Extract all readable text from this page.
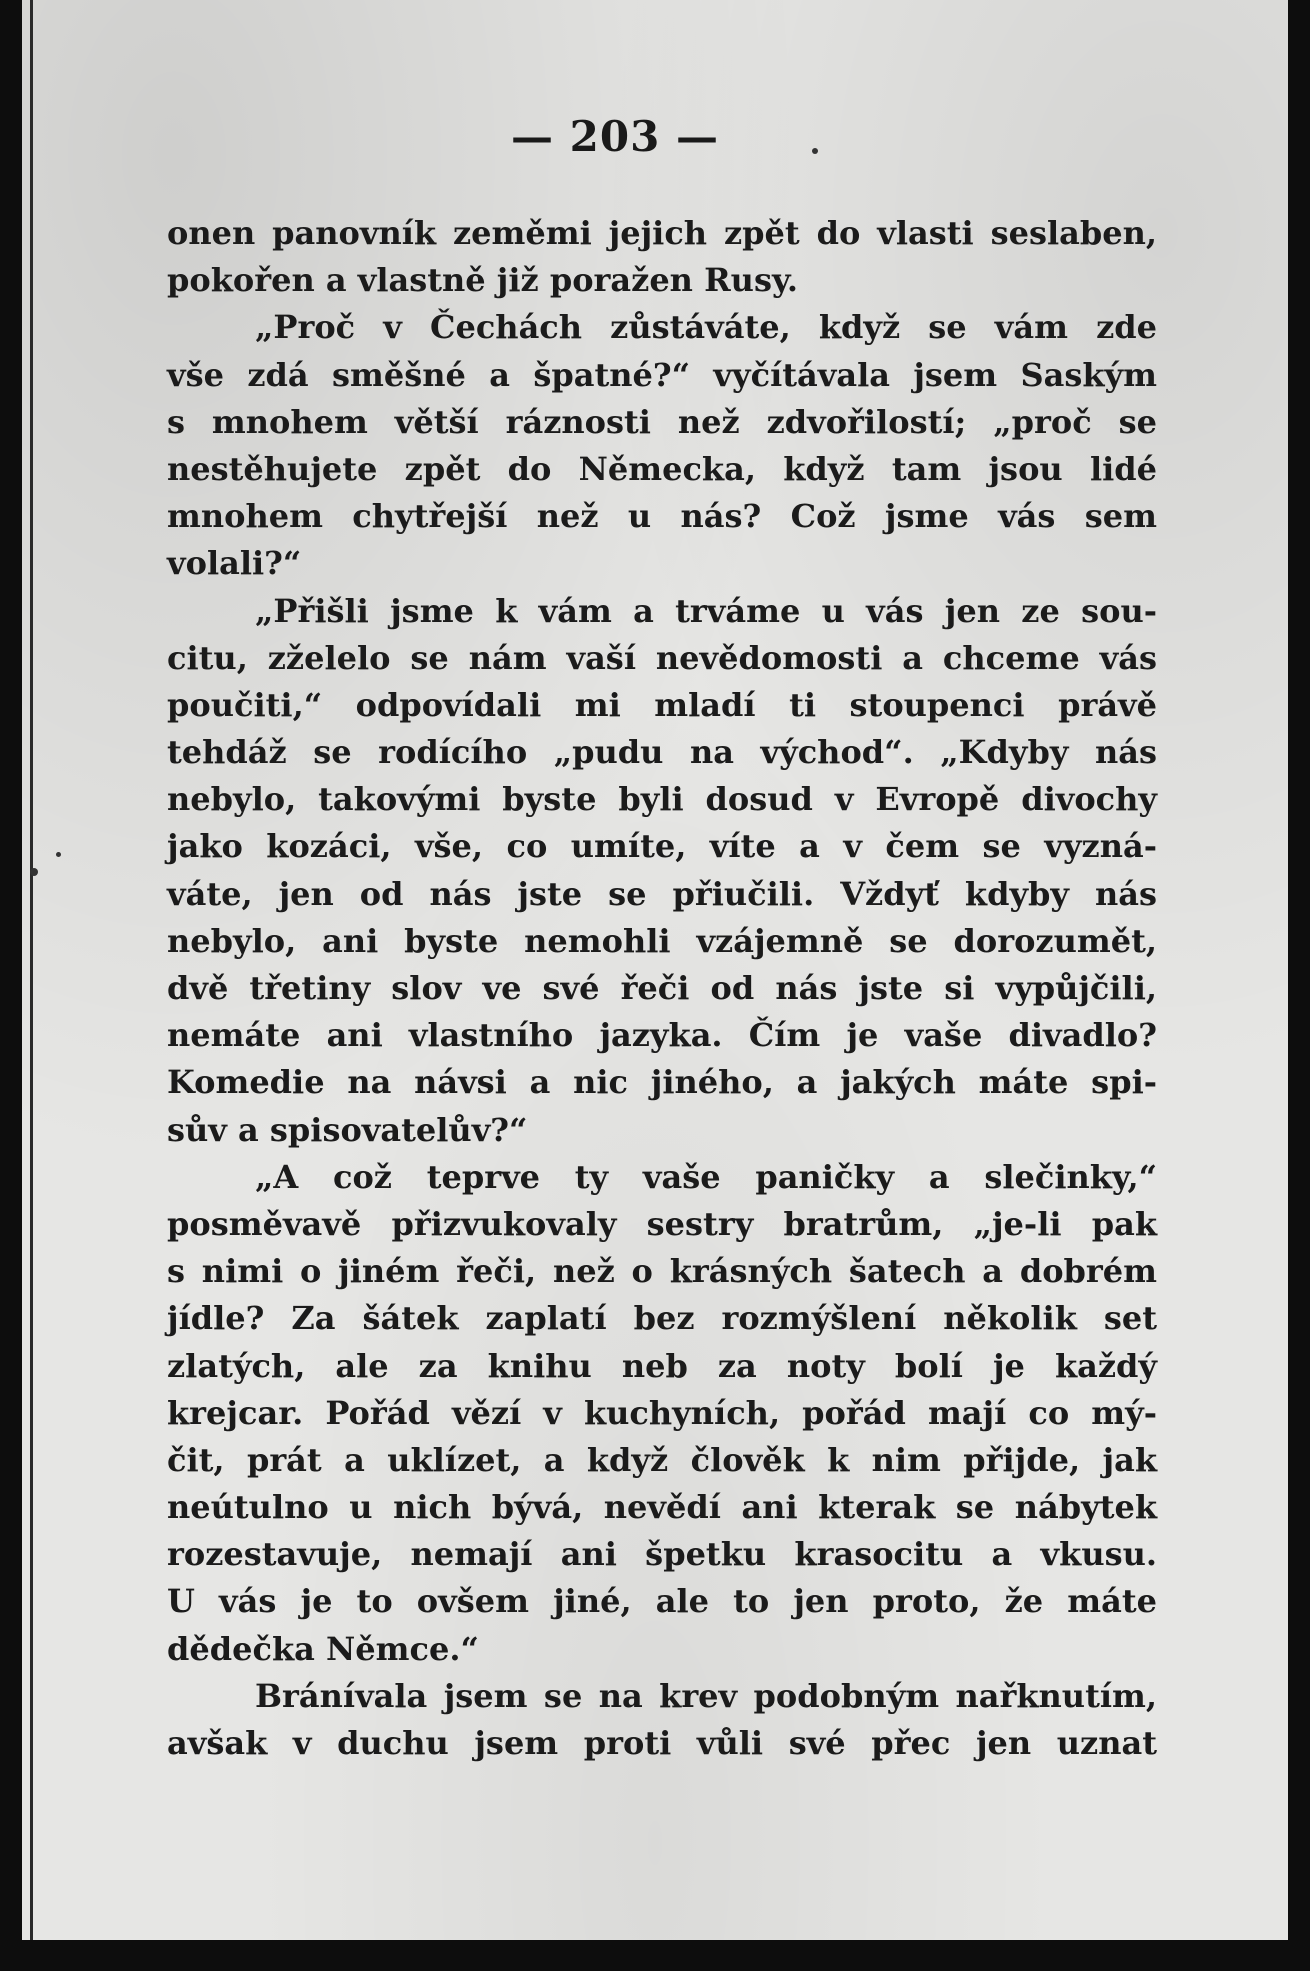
— 203 —
onen panovník zeměmi jejich zpět do vlasti seslaben,
pokořen a vlastně již poražen Rusy.
„Proč v Čechách zůstáváte, když se vám zde
vše zdá směšné a špatné?“ vyčítávala jsem Saským
s mnohem větší ráznosti než zdvořilostí; „proč se
nestěhujete zpět do Německa, když tam jsou lidé
mnohem chytřejší než u nás? Což jsme vás sem
volali?“
„Přišli jsme k vám a trváme u vás jen ze sou-
citu, zželelo se nám vaší nevědomosti a chceme vás
poučiti,“ odpovídali mi mladí ti stoupenci právě
tehdáž se rodícího „pudu na východ“. „Kdyby nás
nebylo, takovými byste byli dosud v Evropě divochy
jako kozáci, vše, co umíte, víte a v čem se vyzná-
váte, jen od nás jste se přiučili. Vždyť kdyby nás
nebylo, ani byste nemohli vzájemně se dorozumět,
dvě třetiny slov ve své řeči od nás jste si vypůjčili,
nemáte ani vlastního jazyka. Čím je vaše divadlo?
Komedie na návsi a nic jiného, a jakých máte spi-
sův a spisovatelův?“
„A což teprve ty vaše paničky a slečinky,“
posměvavě přizvukovaly sestry bratrům, „je-li pak
s nimi o jiném řeči, než o krásných šatech a dobrém
jídle? Za šátek zaplatí bez rozmýšlení několik set
zlatých, ale za knihu neb za noty bolí je každý
krejcar. Pořád vězí v kuchyních, pořád mají co mý-
čit, prát a uklízet, a když člověk k nim přijde, jak
neútulno u nich bývá, nevědí ani kterak se nábytek
rozestavuje, nemají ani špetku krasocitu a vkusu.
U vás je to ovšem jiné, ale to jen proto, že máte
dědečka Němce.“
Bránívala jsem se na krev podobným nařknutím,
avšak v duchu jsem proti vůli své přec jen uznat
